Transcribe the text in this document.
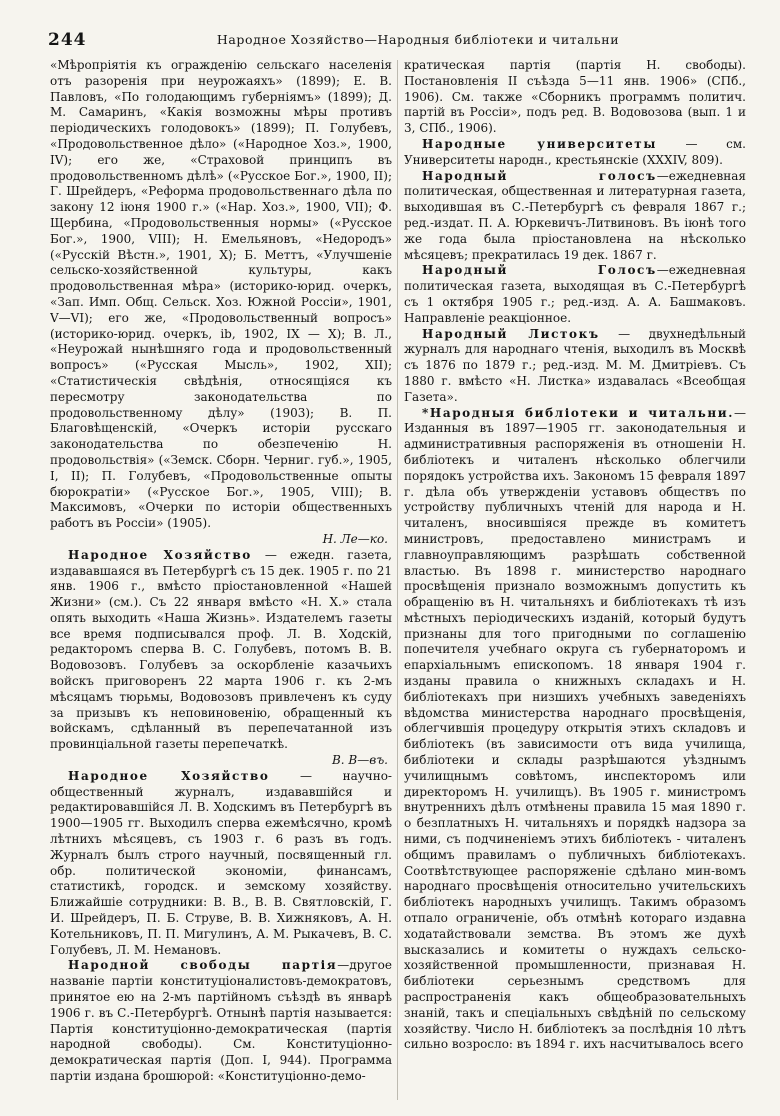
244	Народное Хозяйство—Народныя библіотеки и читальни

«Мѣропріятія къ огражденію сельскаго населенія отъ разоренія при неурожаяхъ» (1899); Е. В. Павловъ, «По голодающимъ губерніямъ» (1899); Д. М. Самаринъ, «Какія возможны мѣры противъ періодическихъ голодовокъ» (1899); П. Голубевъ, «Продовольственное дѣло» («Народное Хоз.», 1900, IV); его же, «Страховой принципъ въ продовольственномъ дѣлѣ» («Русское Бог.», 1900, II); Г. Шрейдеръ, «Реформа продовольственнаго дѣла по закону 12 іюня 1900 г.» («Нар. Хоз.», 1900, VII); Ф. Щербина, «Продовольственныя нормы» («Русское Бог.», 1900, VIII); Н. Емельяновъ, «Недородъ» («Русскій Вѣстн.», 1901, X); Б. Меттъ, «Улучшеніе сельско-хозяйственной культуры, какъ продовольственная мѣра» (историко-юрид. очеркъ, «Зап. Имп. Общ. Сельск. Хоз. Южной Россіи», 1901, V—VI); его же, «Продовольственный вопросъ» (историко-юрид. очеркъ, ib, 1902, IX — X); В. Л., «Неурожай нынѣшняго года и продовольственный вопросъ» («Русская Мысль», 1902, XII); «Статистическія свѣдѣнія, относящіяся къ пересмотру законодательства по продовольственному дѣлу» (1903); В. П. Благовѣщенскій, «Очеркъ исторіи русскаго законодательства по обезпеченію Н. продовольствія» («Земск. Сборн. Черниг. губ.», 1905, I, II); П. Голубевъ, «Продовольственные опыты бюрократіи» («Русское Бог.», 1905, VIII); В. Максимовъ, «Очерки по исторіи общественныхъ работъ въ Россіи» (1905).
Н. Ле—ко.

Народное Хозяйство — ежедн. газета, издававшаяся въ Петербургѣ съ 15 дек. 1905 г. по 21 янв. 1906 г., вмѣсто пріостановленной «Нашей Жизни» (см.). Съ 22 января вмѣсто «Н. Х.» стала опять выходить «Наша Жизнь». Издателемъ газеты все время подписывался проф. Л. В. Ходскій, редакторомъ сперва В. С. Голубевъ, потомъ В. В. Водовозовъ. Голубевъ за оскорбленіе казачьихъ войскъ приговоренъ 22 марта 1906 г. къ 2-мъ мѣсяцамъ тюрьмы, Водовозовъ привлеченъ къ суду за призывъ къ неповиновенію, обращенный къ войскамъ, сдѣланный въ перепечатанной изъ провинціальной газеты перепечаткѣ.
В. В—въ.

Народное Хозяйство — научно-общественный журналъ, издававшійся и редактировавшійся Л. В. Ходскимъ въ Петербургѣ въ 1900—1905 гг. Выходилъ сперва ежемѣсячно, кромѣ лѣтнихъ мѣсяцевъ, съ 1903 г. 6 разъ въ годъ. Журналъ былъ строго научный, посвященный гл. обр. политической экономіи, финансамъ, статистикѣ, городск. и земскому хозяйству. Ближайшіе сотрудники: В. В., В. В. Святловскій, Г. И. Шрейдеръ, П. Б. Струве, В. В. Хижняковъ, А. Н. Котельниковъ, П. П. Мигулинъ, А. М. Рыкачевъ, В. С. Голубевъ, Л. М. Немановъ.

Народной свободы партія—другое названіе партіи конституціоналистовъ-демократовъ, принятое ею на 2-мъ партійномъ съѣздѣ въ январѣ 1906 г. въ С.-Петербургѣ. Отнынѣ партія называется: Партія конституціонно-демократическая (партія народной свободы). См. Конституціонно-демократическая партія (Доп. I, 944). Программа партіи издана брошюрой: «Конституціонно-демо-

кратическая партія (партія Н. свободы). Постановленія II съѣзда 5—11 янв. 1906» (СПб., 1906). См. также «Сборникъ программъ политич. партій въ Россіи», подъ ред. В. Водовозова (вып. 1 и 3, СПб., 1906).

Народные университеты — см. Университеты народн., крестьянскіе (XXXIV, 809).

Народный голосъ—ежедневная политическая, общественная и литературная газета, выходившая въ С.-Петербургѣ съ февраля 1867 г.; ред.-издат. П. А. Юркевичъ-Литвиновъ. Въ іюнѣ того же года была пріостановлена на нѣсколько мѣсяцевъ; прекратилась 19 дек. 1867 г.

Народный Голосъ—ежедневная политическая газета, выходящая въ С.-Петербургѣ съ 1 октября 1905 г.; ред.-изд. А. А. Башмаковъ. Направленіе реакціонное.

Народный Листокъ — двухнедѣльный журналъ для народнаго чтенія, выходилъ въ Москвѣ съ 1876 по 1879 г.; ред.-изд. М. М. Дмитріевъ. Съ 1880 г. вмѣсто «Н. Листка» издавалась «Всеобщая Газета».

*Народныя библіотеки и читальни.—Изданныя въ 1897—1905 гг. законодательныя и административныя распоряженія въ отношеніи Н. библіотекъ и читаленъ нѣсколько облегчили порядокъ устройства ихъ. Закономъ 15 февраля 1897 г. дѣла объ утвержденіи уставовъ обществъ по устройству публичныхъ чтеній для народа и Н. читаленъ, вносившіяся прежде въ комитетъ министровъ, предоставлено министрамъ и главноуправляющимъ разрѣшать собственной властью. Въ 1898 г. министерство народнаго просвѣщенія признало возможнымъ допустить къ обращенію въ Н. читальняхъ и библіотекахъ тѣ изъ мѣстныхъ періодическихъ изданій, который будутъ признаны для того пригодными по соглашенію попечителя учебнаго округа съ губернаторомъ и епархіальнымъ епископомъ. 18 января 1904 г. изданы правила о книжныхъ складахъ и Н. библіотекахъ при низшихъ учебныхъ заведеніяхъ вѣдомства министерства народнаго просвѣщенія, облегчившія процедуру открытія этихъ складовъ и библіотекъ (въ зависимости отъ вида училища, библіотеки и склады разрѣшаются уѣзднымъ училищнымъ совѣтомъ, инспекторомъ или директоромъ Н. училищъ). Въ 1905 г. министромъ внутреннихъ дѣлъ отмѣнены правила 15 мая 1890 г. о безплатныхъ Н. читальняхъ и порядкѣ надзора за ними, съ подчиненіемъ этихъ библіотекъ - читаленъ общимъ правиламъ о публичныхъ библіотекахъ. Соотвѣтствующее распоряженіе сдѣлано мин-вомъ народнаго просвѣщенія относительно учительскихъ библіотекъ народныхъ училищъ. Такимъ образомъ отпало ограниченіе, объ отмѣнѣ котораго издавна ходатайствовали земства. Въ этомъ же духѣ высказались и комитеты о нуждахъ сельско-хозяйственной промышленности, признавая Н. библіотеки серьезнымъ средствомъ для распространенія какъ общеобразовательныхъ знаній, такъ и спеціальныхъ свѣдѣній по сельскому хозяйству. Число Н. библіотекъ за послѣднія 10 лѣтъ сильно возросло: въ 1894 г. ихъ насчитывалось всего
